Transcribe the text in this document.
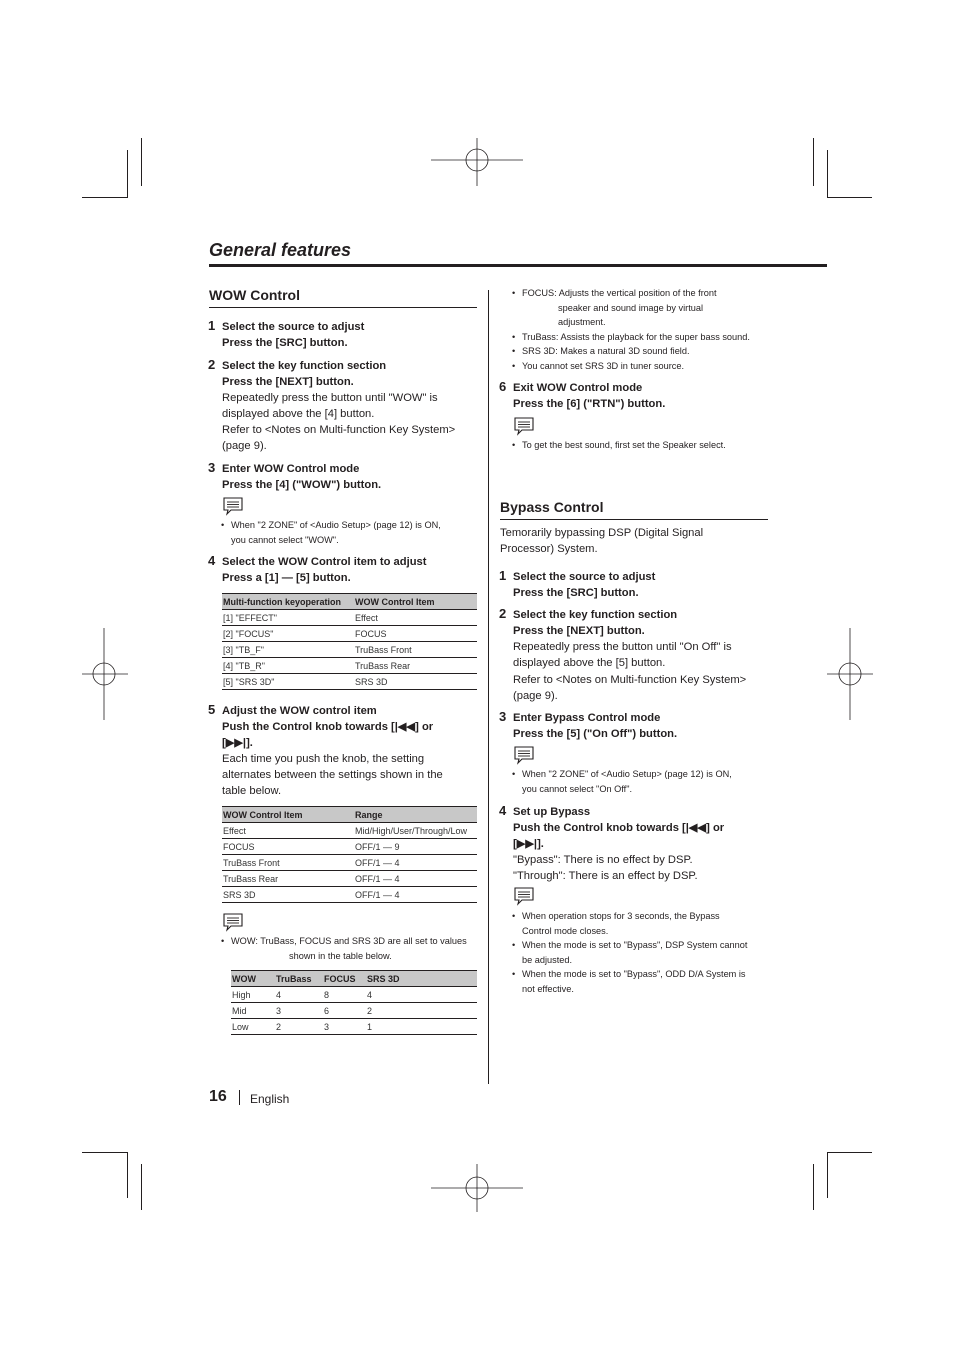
General features
WOW Control
1 Select the source to adjust
Press the [SRC] button.
2 Select the key function section
Press the [NEXT] button.
Repeatedly press the button until "WOW" is
displayed above the [4] button.
Refer to <Notes on Multi-function Key System>
(page 9).
3 Enter WOW Control mode
Press the [4] ("WOW") button.
• When "2 ZONE" of <Audio Setup> (page 12) is ON,
you cannot select "WOW".
4 Select the WOW Control item to adjust
Press a [1] — [5] button.
Multi-function keyoperation	WOW Control Item
[1] "EFFECT"	Effect
[2] "FOCUS"	FOCUS
[3] "TB_F"	TruBass Front
[4] "TB_R"	TruBass Rear
[5] "SRS 3D"	SRS 3D
5 Adjust the WOW control item
Push the Control knob towards [|◀◀] or
[▶▶|].
Each time you push the knob, the setting
alternates between the settings shown in the
table below.
WOW Control Item	Range
Effect	Mid/High/User/Through/Low
FOCUS	OFF/1 — 9
TruBass Front	OFF/1 — 4
TruBass Rear	OFF/1 — 4
SRS 3D	OFF/1 — 4
• WOW: TruBass, FOCUS and SRS 3D are all set to values
shown in the table below.
WOW	TruBass	FOCUS	SRS 3D
High	4	8	4
Mid	3	6	2
Low	2	3	1
• FOCUS: Adjusts the vertical position of the front
speaker and sound image by virtual
adjustment.
• TruBass: Assists the playback for the super bass sound.
• SRS 3D: Makes a natural 3D sound field.
• You cannot set SRS 3D in tuner source.
6 Exit WOW Control mode
Press the [6] ("RTN") button.
• To get the best sound, first set the Speaker select.
Bypass Control
Temorarily bypassing DSP (Digital Signal
Processor) System.
1 Select the source to adjust
Press the [SRC] button.
2 Select the key function section
Press the [NEXT] button.
Repeatedly press the button until "On Off" is
displayed above the [5] button.
Refer to <Notes on Multi-function Key System>
(page 9).
3 Enter Bypass Control mode
Press the [5] ("On Off") button.
• When "2 ZONE" of <Audio Setup> (page 12) is ON,
you cannot select "On Off".
4 Set up Bypass
Push the Control knob towards [|◀◀] or
[▶▶|].
"Bypass": There is no effect by DSP.
"Through": There is an effect by DSP.
• When operation stops for 3 seconds, the Bypass
Control mode closes.
• When the mode is set to "Bypass", DSP System cannot
be adjusted.
• When the mode is set to "Bypass", ODD D/A System is
not effective.
16 English
